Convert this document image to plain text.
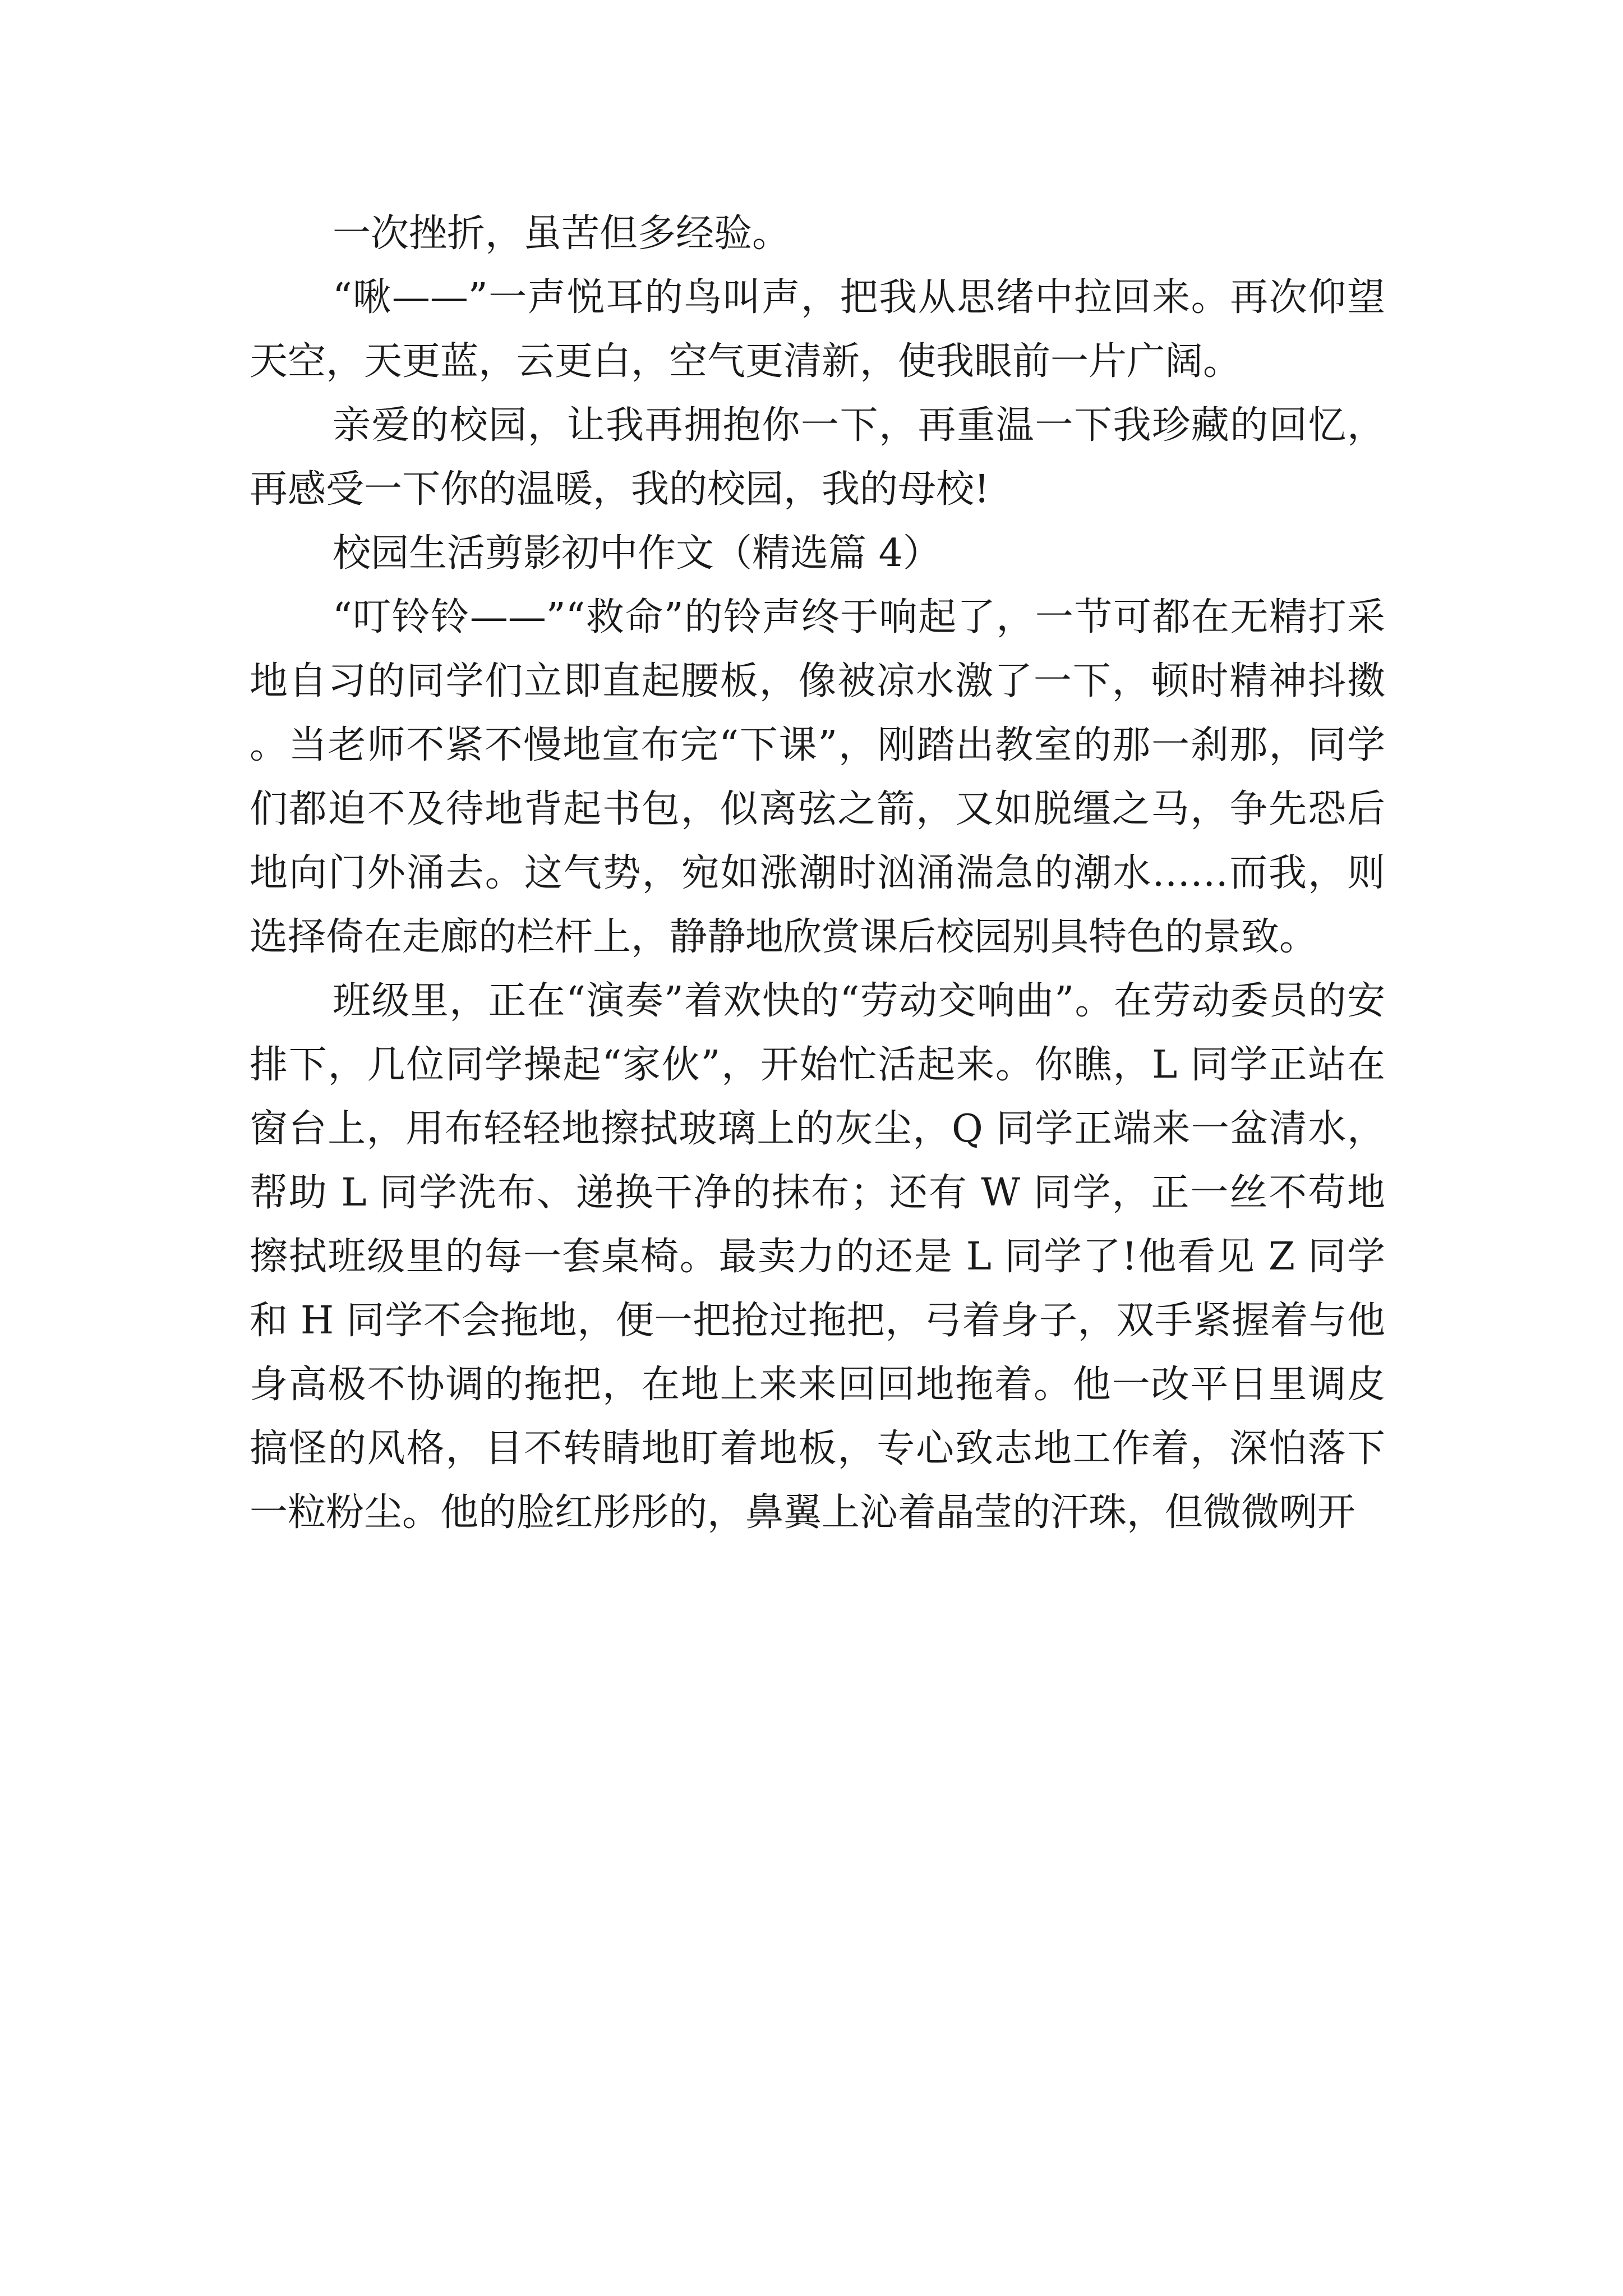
一次挫折，虽苦但多经验。

“啾——”一声悦耳的鸟叫声，把我从思绪中拉回来。再次仰望天空，天更蓝，云更白，空气更清新，使我眼前一片广阔。

亲爱的校园，让我再拥抱你一下，再重温一下我珍藏的回忆，再感受一下你的温暖，我的校园，我的母校!

校园生活剪影初中作文（精选篇 4）

“叮铃铃——”“救命”的铃声终于响起了，一节可都在无精打采地自习的同学们立即直起腰板，像被凉水激了一下，顿时精神抖擞。当老师不紧不慢地宣布完“下课”，刚踏出教室的那一刹那，同学们都迫不及待地背起书包，似离弦之箭，又如脱缰之马，争先恐后地向门外涌去。这气势，宛如涨潮时汹涌湍急的潮水……而我，则选择倚在走廊的栏杆上，静静地欣赏课后校园别具特色的景致。

班级里，正在“演奏”着欢快的“劳动交响曲”。在劳动委员的安排下，几位同学操起“家伙”，开始忙活起来。你瞧，L 同学正站在窗台上，用布轻轻地擦拭玻璃上的灰尘，Q 同学正端来一盆清水，帮助 L 同学洗布、递换干净的抹布；还有 W 同学，正一丝不苟地擦拭班级里的每一套桌椅。最卖力的还是 L 同学了!他看见 Z 同学和 H 同学不会拖地，便一把抢过拖把，弓着身子，双手紧握着与他身高极不协调的拖把，在地上来来回回地拖着。他一改平日里调皮搞怪的风格，目不转睛地盯着地板，专心致志地工作着，深怕落下一粒粉尘。他的脸红彤彤的，鼻翼上沁着晶莹的汗珠，但微微咧开
